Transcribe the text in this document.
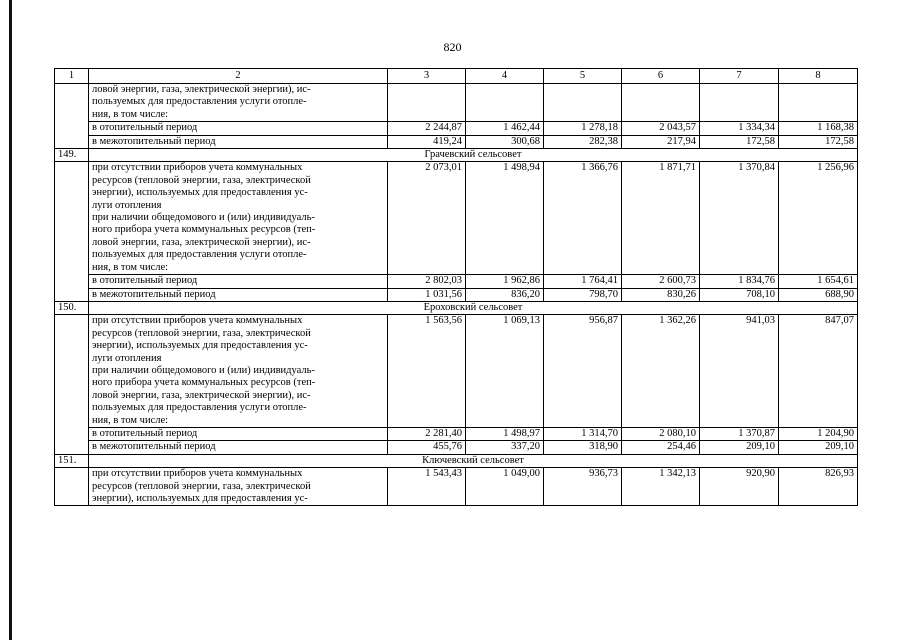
820
1	2	3	4	5	6	7	8
	ловой энергии, газа, электрической энергии), ис-						
	пользуемых для предоставления услуги отопле-						
	ния, в том числе:						
	в отопительный период	2 244,87	1 462,44	1 278,18	2 043,57	1 334,34	1 168,38
	в межотопительный период	419,24	300,68	282,38	217,94	172,58	172,58
149.	Грачевский сельсовет						
	при отсутствии приборов учета коммунальных	2 073,01	1 498,94	1 366,76	1 871,71	1 370,84	1 256,96
	ресурсов (тепловой энергии, газа, электрической						
	энергии), используемых для предоставления ус-						
	луги отопления						
	при наличии общедомового и (или) индивидуаль-						
	ного прибора учета коммунальных ресурсов (теп-						
	ловой энергии, газа, электрической энергии), ис-						
	пользуемых для предоставления услуги отопле-						
	ния, в том числе:						
	в отопительный период	2 802,03	1 962,86	1 764,41	2 600,73	1 834,76	1 654,61
	в межотопительный период	1 031,56	836,20	798,70	830,26	708,10	688,90
150.	Ероховский сельсовет						
	при отсутствии приборов учета коммунальных	1 563,56	1 069,13	956,87	1 362,26	941,03	847,07
	ресурсов (тепловой энергии, газа, электрической						
	энергии), используемых для предоставления ус-						
	луги отопления						
	при наличии общедомового и (или) индивидуаль-						
	ного прибора учета коммунальных ресурсов (теп-						
	ловой энергии, газа, электрической энергии), ис-						
	пользуемых для предоставления услуги отопле-						
	ния, в том числе:						
	в отопительный период	2 281,40	1 498,97	1 314,70	2 080,10	1 370,87	1 204,90
	в межотопительный период	455,76	337,20	318,90	254,46	209,10	209,10
151.	Ключевский сельсовет						
	при отсутствии приборов учета коммунальных	1 543,43	1 049,00	936,73	1 342,13	920,90	826,93
	ресурсов (тепловой энергии, газа, электрической						
	энергии), используемых для предоставления ус-						
